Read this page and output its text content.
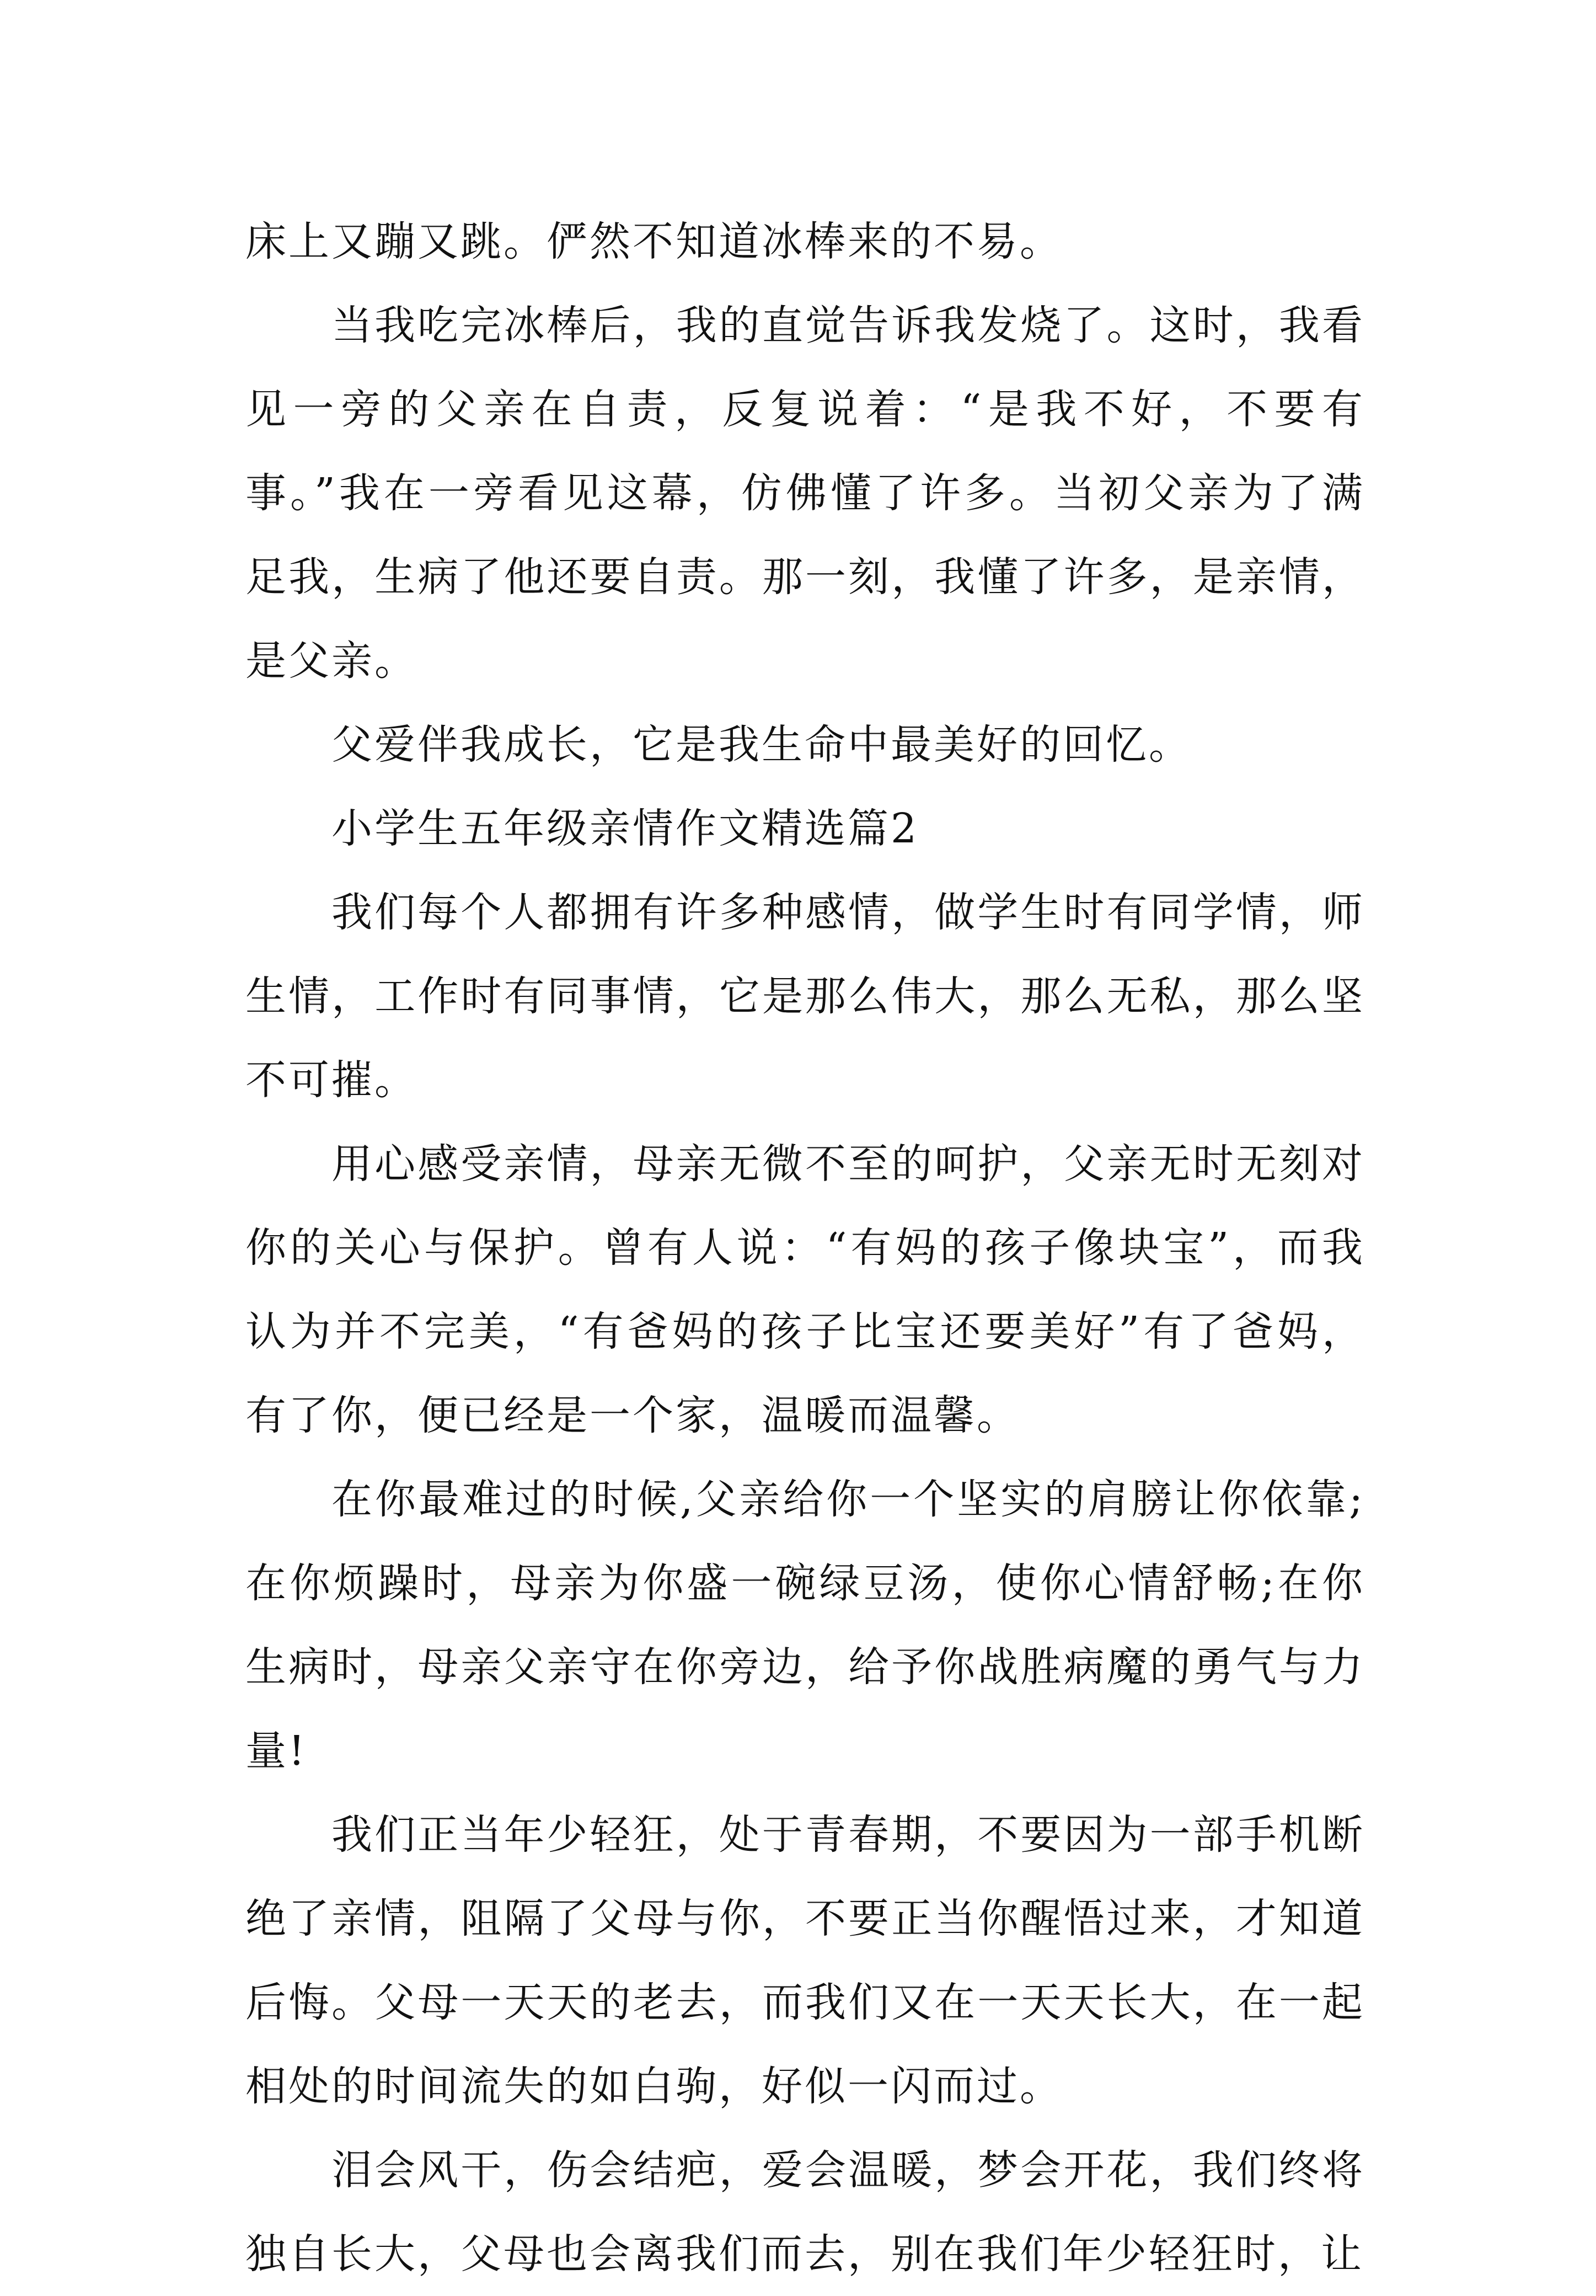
床上又蹦又跳。俨然不知道冰棒来的不易。

当我吃完冰棒后，我的直觉告诉我发烧了。这时，我看见一旁的父亲在自责，反复说着：“是我不好，不要有事。”我在一旁看见这幕，仿佛懂了许多。当初父亲为了满足我，生病了他还要自责。那一刻，我懂了许多，是亲情，是父亲。

父爱伴我成长，它是我生命中最美好的回忆。

小学生五年级亲情作文精选篇2

我们每个人都拥有许多种感情，做学生时有同学情，师生情，工作时有同事情，它是那么伟大，那么无私，那么坚不可摧。

用心感受亲情，母亲无微不至的呵护，父亲无时无刻对你的关心与保护。曾有人说：“有妈的孩子像块宝”，而我认为并不完美，“有爸妈的孩子比宝还要美好”有了爸妈，有了你，便已经是一个家，温暖而温馨。

在你最难过的时候,父亲给你一个坚实的肩膀让你依靠;在你烦躁时，母亲为你盛一碗绿豆汤，使你心情舒畅;在你生病时，母亲父亲守在你旁边，给予你战胜病魔的勇气与力量!

我们正当年少轻狂，处于青春期，不要因为一部手机断绝了亲情，阻隔了父母与你，不要正当你醒悟过来，才知道后悔。父母一天天的老去，而我们又在一天天长大，在一起相处的时间流失的如白驹，好似一闪而过。

泪会风干，伤会结疤，爱会温暖，梦会开花，我们终将独自长大，父母也会离我们而去，别在我们年少轻狂时，让
